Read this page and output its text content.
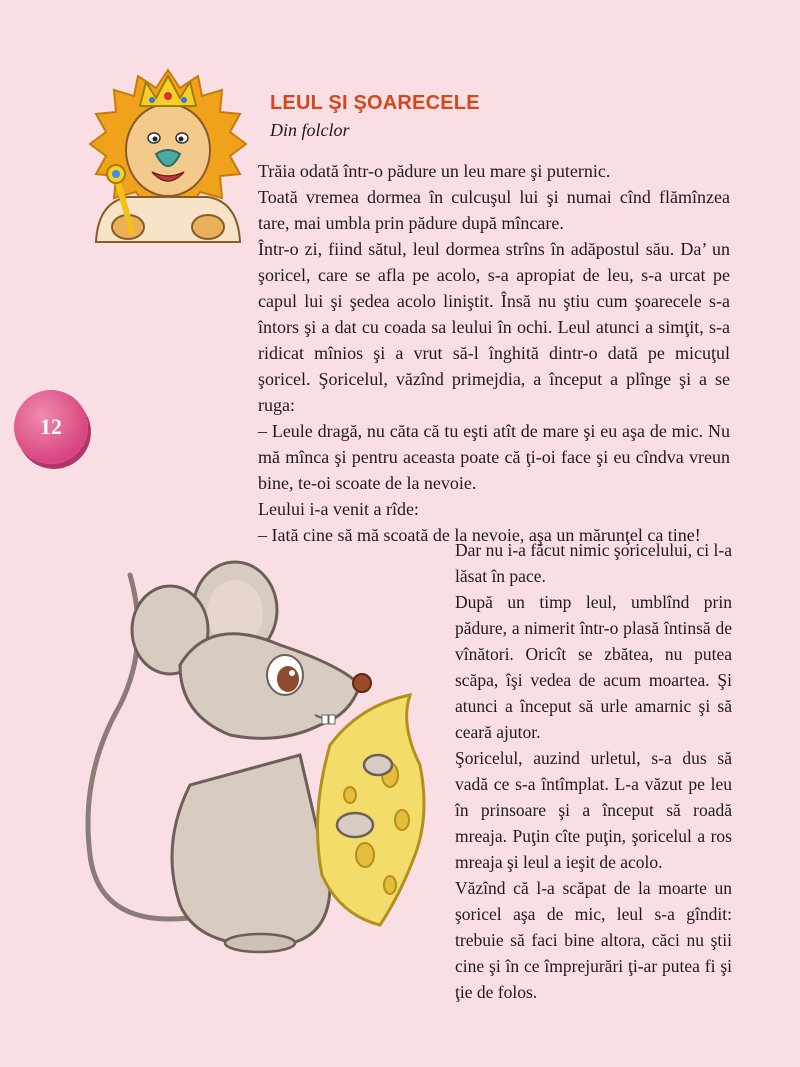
LEUL ŞI ŞOARECELE
Din folclor

Trăia odată într-o pădure un leu mare şi puternic.

Toată vremea dormea în culcuşul lui şi numai cînd flămînzea tare, mai umbla prin pădure după mîncare.

Într-o zi, fiind sătul, leul dormea strîns în adăpostul său. Da’ un şoricel, care se afla pe acolo, s-a apropiat de leu, s-a urcat pe capul lui şi şedea acolo liniştit. Însă nu ştiu cum şoarecele s-a întors şi a dat cu coada sa leului în ochi. Leul atunci a simţit, s-a ridicat mînios şi a vrut să-l înghită dintr-o dată pe micuţul şoricel. Şoricelul, văzînd primejdia, a început a plînge şi a se ruga:

– Leule dragă, nu căta că tu eşti atît de mare şi eu aşa de mic. Nu mă mînca şi pentru aceasta poate că ţi-oi face şi eu cîndva vreun bine, te-oi scoate de la nevoie.

Leului i-a venit a rîde:

– Iată cine să mă scoată de la nevoie, aşa un mărunţel ca tine!

12

Dar nu i-a făcut nimic şoricelului, ci l-a lăsat în pace.

După un timp leul, umblînd prin pădure, a nimerit într-o plasă întinsă de vînători. Oricît se zbătea, nu putea scăpa, îşi vedea de acum moartea. Şi atunci a început să urle amarnic şi să ceară ajutor.

Şoricelul, auzind urletul, s-a dus să vadă ce s-a întîmplat. L-a văzut pe leu în prinsoare şi a început să roadă mreaja. Puţin cîte puţin, şoricelul a ros mreaja şi leul a ieşit de acolo.

Văzînd că l-a scăpat de la moarte un şoricel aşa de mic, leul s-a gîndit: trebuie să faci bine altora, căci nu ştii cine şi în ce împrejurări ţi-ar putea fi şi ţie de folos.
